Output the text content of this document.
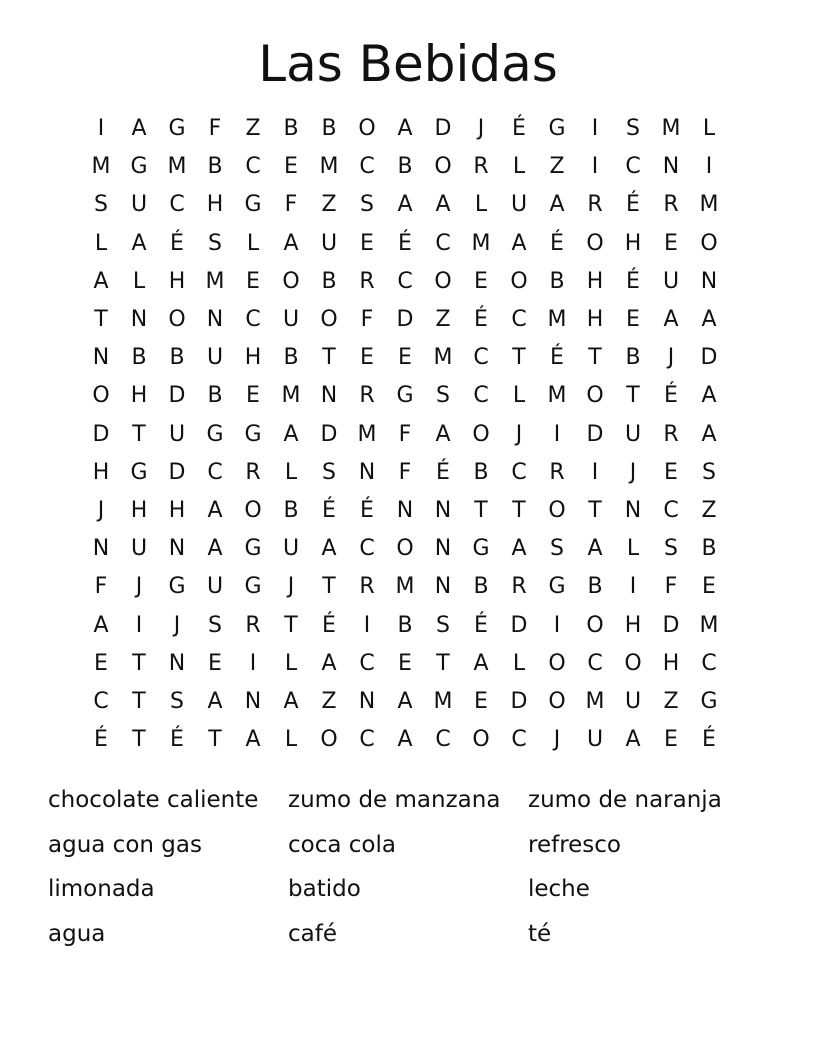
Las Bebidas
I	A G	F	Z	B	B O A D	J	É	G	I	S M	L
M G M B	C	E M C	B O R	L	Z	I	C	N	I
S	U	C	H G	F	Z	S	A	A	L	U	A	R	É	R M
L	A	É	S	L	A	U	E	É	C M A	É	O H	E	O
A	L	H M E	O B	R	C O	E	O B	H	É	U N
T	N O N	C	U O	F	D Z	É	C M H	E	A	A
N	B	B	U H	B	T	E	E M C	T	É	T	B	J	D
O H D B	E M N	R G	S	C	L	M O	T	É	A
D	T	U G G A D M	F	A O	J	I	D U	R	A
H G D C	R	L	S	N	F	É	B	C	R	I	J	E	S
J	H H	A O B	É	É	N N	T	T	O	T	N	C	Z
N U N	A G U	A	C O N G A	S	A	L	S	B
F	J	G U G	J	T	R M N	B	R G B	I	F	E
A	I	J	S	R	T	É	I	B	S	É	D	I	O H D M
E	T	N	E	I	L	A	C	E	T	A	L	O C O H	C
C	T	S	A	N	A	Z	N	A M E	D O M U	Z G
É	T	É	T	A	L	O C	A	C O C	J	U	A	E	É
chocolate caliente	zumo de manzana	zumo de naranja
agua con gas	coca cola	refresco
limonada	batido	leche
agua	café	té
